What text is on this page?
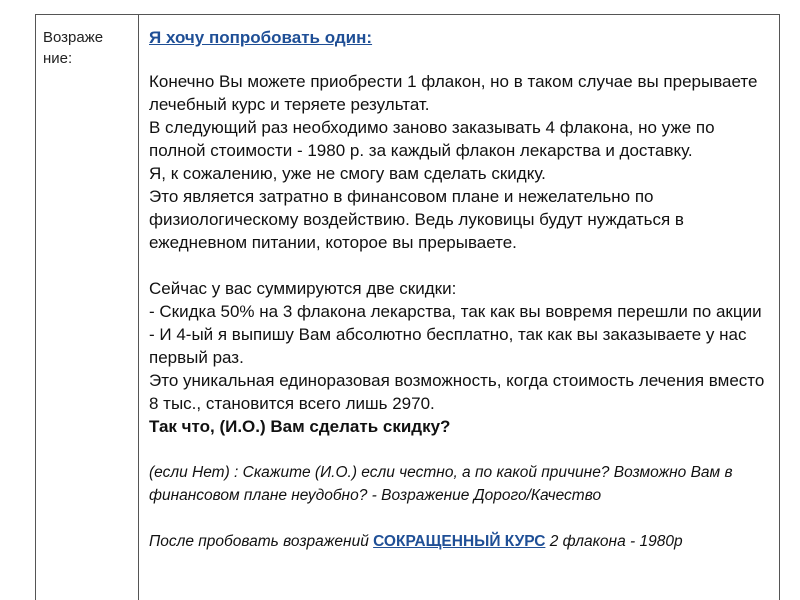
Возраже
ние:
Я хочу попробовать один:

Конечно Вы можете приобрести 1 флакон, но в таком случае вы прерываете лечебный курс и теряете результат.

В следующий раз необходимо заново заказывать 4 флакона, но уже по полной стоимости - 1980 р. за каждый флакон лекарства и доставку.

Я, к сожалению, уже не смогу вам сделать скидку.

Это является затратно в финансовом плане и нежелательно по физиологическому воздействию. Ведь луковицы будут нуждаться в ежедневном питании, которое вы прерываете.

Сейчас у вас суммируются две скидки:

- Скидка 50% на 3 флакона лекарства, так как вы вовремя перешли по акции

- И 4-ый я выпишу Вам абсолютно бесплатно, так как вы заказываете у нас первый раз.

Это уникальная единоразовая возможность, когда стоимость лечения вместо 8 тыс., становится всего лишь 2970.

Так что, (И.О.) Вам сделать скидку?

(если Нет) : Скажите (И.О.) если честно, а по какой причине? Возможно Вам в финансовом плане неудобно? - Возражение Дорого/Качество

После пробовать возражений СОКРАЩЕННЫЙ КУРС 2 флакона - 1980р
